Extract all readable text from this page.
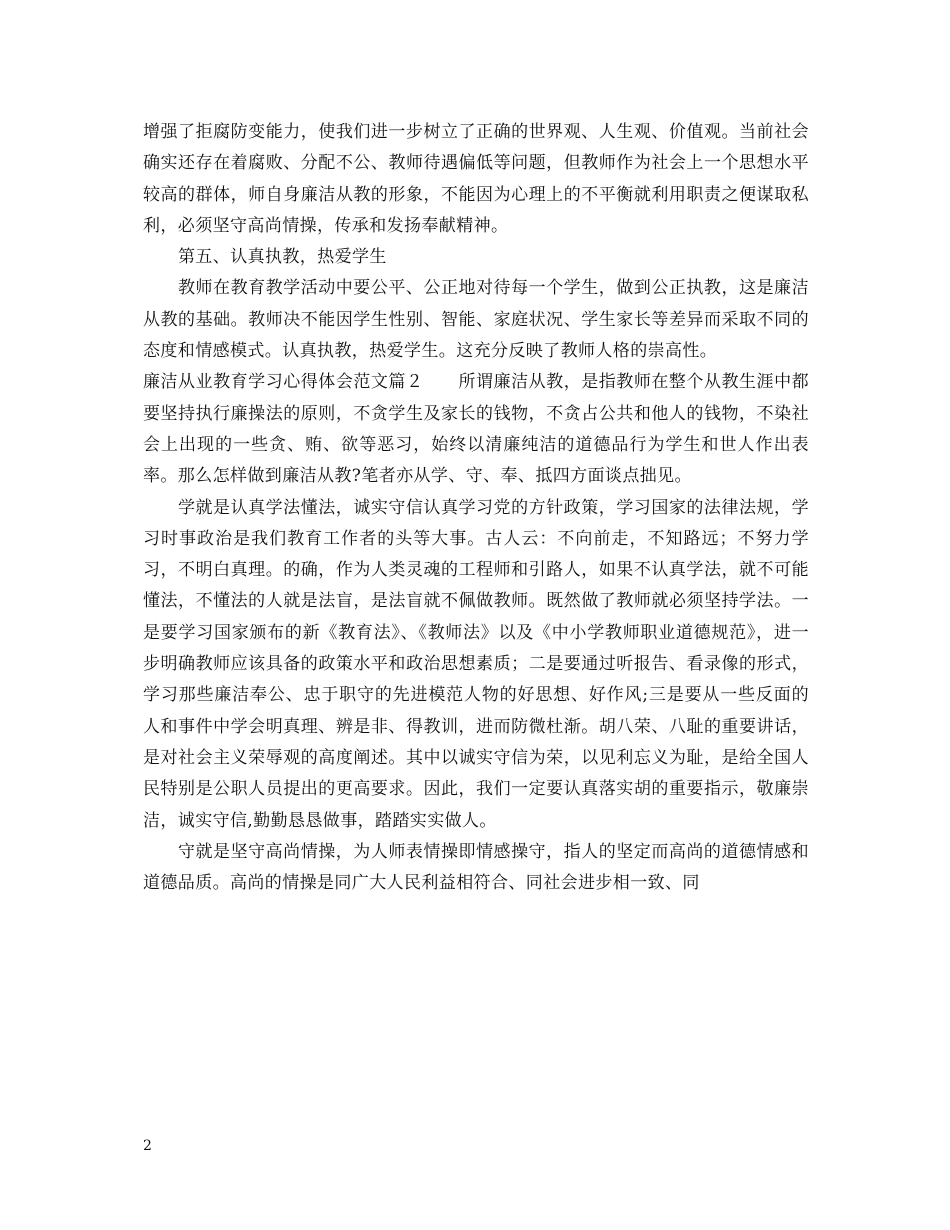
增强了拒腐防变能力，使我们进一步树立了正确的世界观、人生观、价值观。当前社会确实还存在着腐败、分配不公、教师待遇偏低等问题，但教师作为社会上一个思想水平较高的群体，师自身廉洁从教的形象，不能因为心理上的不平衡就利用职责之便谋取私利，必须坚守高尚情操，传承和发扬奉献精神。

第五、认真执教，热爱学生

教师在教育教学活动中要公平、公正地对待每一个学生，做到公正执教，这是廉洁从教的基础。教师决不能因学生性别、智能、家庭状况、学生家长等差异而采取不同的态度和情感模式。认真执教，热爱学生。这充分反映了教师人格的崇高性。

廉洁从业教育学习心得体会范文篇２　　所谓廉洁从教，是指教师在整个从教生涯中都要坚持执行廉操法的原则，不贪学生及家长的钱物，不贪占公共和他人的钱物，不染社会上出现的一些贪、贿、欲等恶习，始终以清廉纯洁的道德品行为学生和世人作出表率。那么怎样做到廉洁从教?笔者亦从学、守、奉、抵四方面谈点拙见。

学就是认真学法懂法，诚实守信认真学习党的方针政策，学习国家的法律法规，学习时事政治是我们教育工作者的头等大事。古人云：不向前走，不知路远；不努力学习，不明白真理。的确，作为人类灵魂的工程师和引路人，如果不认真学法，就不可能懂法，不懂法的人就是法盲，是法盲就不佩做教师。既然做了教师就必须坚持学法。一是要学习国家颁布的新《教育法》、《教师法》以及《中小学教师职业道德规范》，进一步明确教师应该具备的政策水平和政治思想素质；二是要通过听报告、看录像的形式，学习那些廉洁奉公、忠于职守的先进模范人物的好思想、好作风;三是要从一些反面的人和事件中学会明真理、辨是非、得教训，进而防微杜渐。胡八荣、八耻的重要讲话，是对社会主义荣辱观的高度阐述。其中以诚实守信为荣，以见利忘义为耻，是给全国人民特别是公职人员提出的更高要求。因此，我们一定要认真落实胡的重要指示，敬廉崇洁，诚实守信,勤勤恳恳做事，踏踏实实做人。

守就是坚守高尚情操，为人师表情操即情感操守，指人的坚定而高尚的道德情感和道德品质。高尚的情操是同广大人民利益相符合、同社会进步相一致、同

2
